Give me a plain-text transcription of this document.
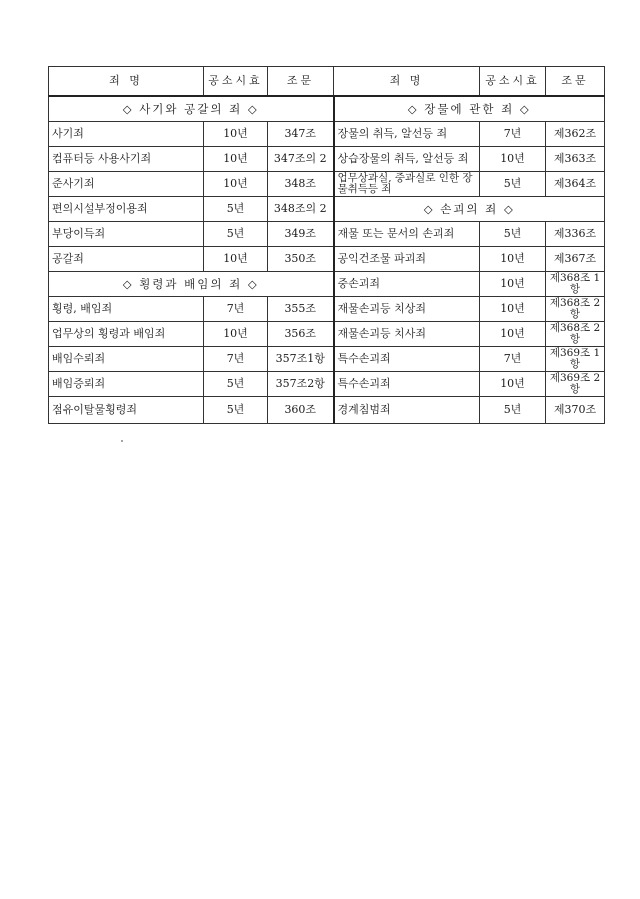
죄 명	공소시효	조문	죄 명	공소시효	조문
◇ 사기와 공갈의 죄 ◇			◇ 장물에 관한 죄 ◇		
사기죄	10년	347조	장물의 취득, 알선등 죄	7년	제362조
컴퓨터등 사용사기죄	10년	347조의 2	상습장물의 취득, 알선등 죄	10년	제363조
준사기죄	10년	348조	업무상과실, 중과실로 인한 장물취득등 죄	5년	제364조
편의시설부정이용죄	5년	348조의 2	◇ 손괴의 죄 ◇		
부당이득죄	5년	349조	재물 또는 문서의 손괴죄	5년	제336조
공갈죄	10년	350조	공익건조물 파괴죄	10년	제367조
◇ 횡령과 배임의 죄 ◇			중손괴죄	10년	제368조 1항
횡령, 배임죄	7년	355조	재물손괴등 치상죄	10년	제368조 2항
업무상의 횡령과 배임죄	10년	356조	재물손괴등 치사죄	10년	제368조 2항
배임수뢰죄	7년	357조1항	특수손괴죄	7년	제369조 1항
배임증뢰죄	5년	357조2항	특수손괴죄	10년	제369조 2항
점유이탈물횡령죄	5년	360조	경계침범죄	5년	제370조
